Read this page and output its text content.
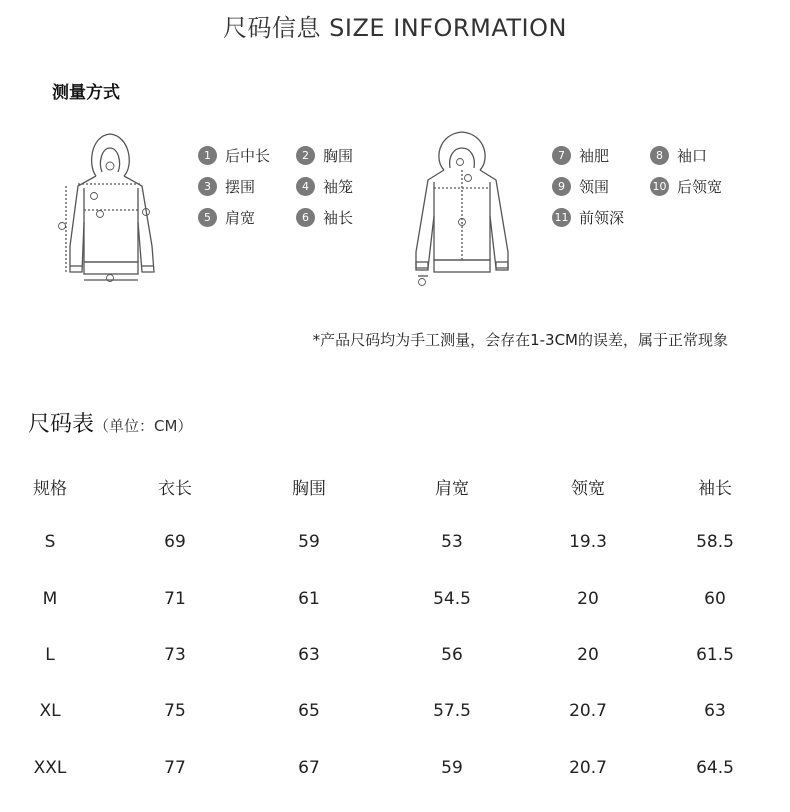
尺码信息 SIZE INFORMATION
测量方式
1 后中长	2 胸围
3 摆围	4 袖笼
5 肩宽	6 袖长
7 袖肥	8 袖口
9 领围	10 后领宽
11 前领深
*产品尺码均为手工测量，会存在1-3CM的误差，属于正常现象
尺码表（单位：CM）
规格	衣长	胸围	肩宽	领宽	袖长
S	69	59	53	19.3	58.5
M	71	61	54.5	20	60
L	73	63	56	20	61.5
XL	75	65	57.5	20.7	63
XXL	77	67	59	20.7	64.5
